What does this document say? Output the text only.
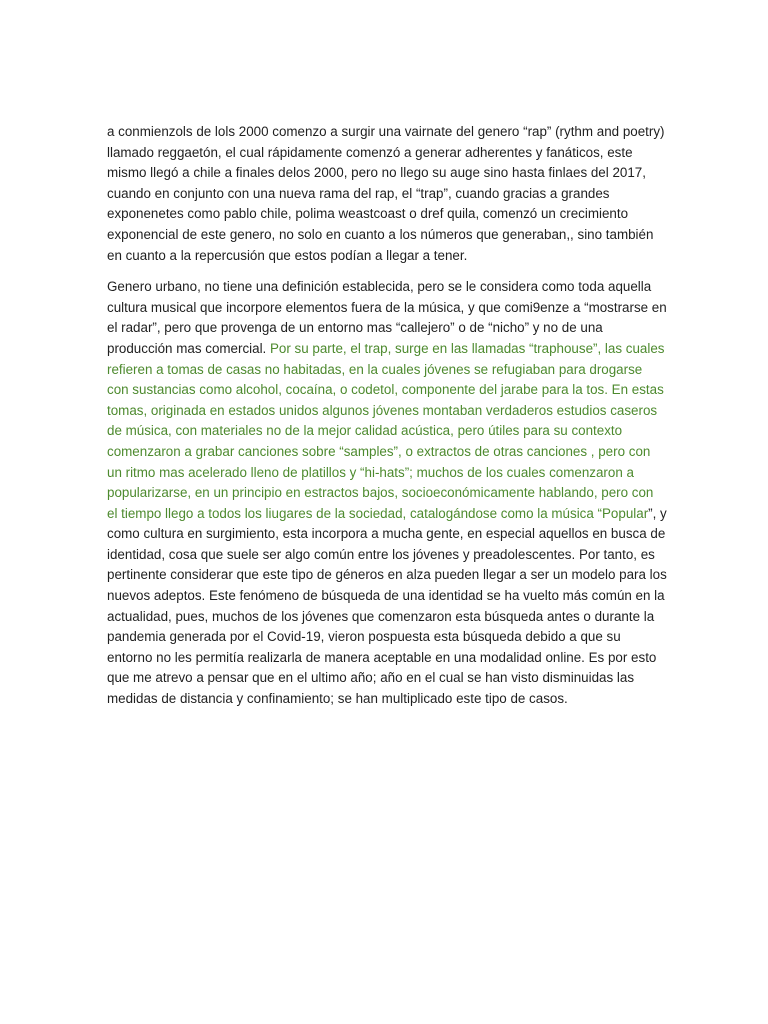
a conmienzols de lols 2000 comenzo a surgir una vairnate del genero “rap” (rythm and poetry) llamado reggaetón, el cual rápidamente comenzó a generar adherentes y fanáticos, este mismo llegó a chile a finales delos 2000, pero no llego su auge sino hasta finlaes del 2017, cuando en conjunto con una nueva rama del rap, el “trap”, cuando gracias a grandes exponenetes como pablo chile, polima weastcoast o dref quila, comenzó un crecimiento exponencial de este genero, no solo en cuanto a los números que generaban,, sino también en cuanto a la repercusión que estos podían a llegar a tener.

Genero urbano, no tiene una definición establecida, pero se le considera como toda aquella cultura musical que incorpore elementos fuera de la música, y que comi9enze a “mostrarse en el radar”, pero que provenga de un entorno mas “callejero” o de “nicho” y no de una producción mas comercial. Por su parte, el trap, surge en las llamadas “traphouse”, las cuales refieren a tomas de casas no habitadas, en la cuales jóvenes se refugiaban para drogarse con sustancias como alcohol, cocaína, o codetol, componente del jarabe para la tos. En estas tomas, originada en estados unidos algunos jóvenes montaban verdaderos estudios caseros de música, con materiales no de la mejor calidad acústica, pero útiles para su contexto comenzaron a grabar canciones sobre “samples”, o extractos de otras canciones , pero con un ritmo mas acelerado lleno de platillos y “hi-hats”; muchos de los cuales comenzaron a popularizarse, en un principio en estractos bajos, socioeconómicamente hablando, pero con el tiempo llego a todos los liugares de la sociedad, catalogándose como la música “Popular”, y como cultura en surgimiento, esta incorpora a mucha gente, en especial aquellos en busca de identidad, cosa que suele ser algo común entre los jóvenes y preadolescentes. Por tanto, es pertinente considerar que este tipo de géneros en alza pueden llegar a ser un modelo para los nuevos adeptos. Este fenómeno de búsqueda de una identidad se ha vuelto más común en la actualidad, pues, muchos de los jóvenes que comenzaron esta búsqueda antes o durante la pandemia generada por el Covid-19, vieron pospuesta esta búsqueda debido a que su entorno no les permitía realizarla de manera aceptable en una modalidad online. Es por esto que me atrevo a pensar que en el ultimo año; año en el cual se han visto disminuidas las medidas de distancia y confinamiento; se han multiplicado este tipo de casos.
